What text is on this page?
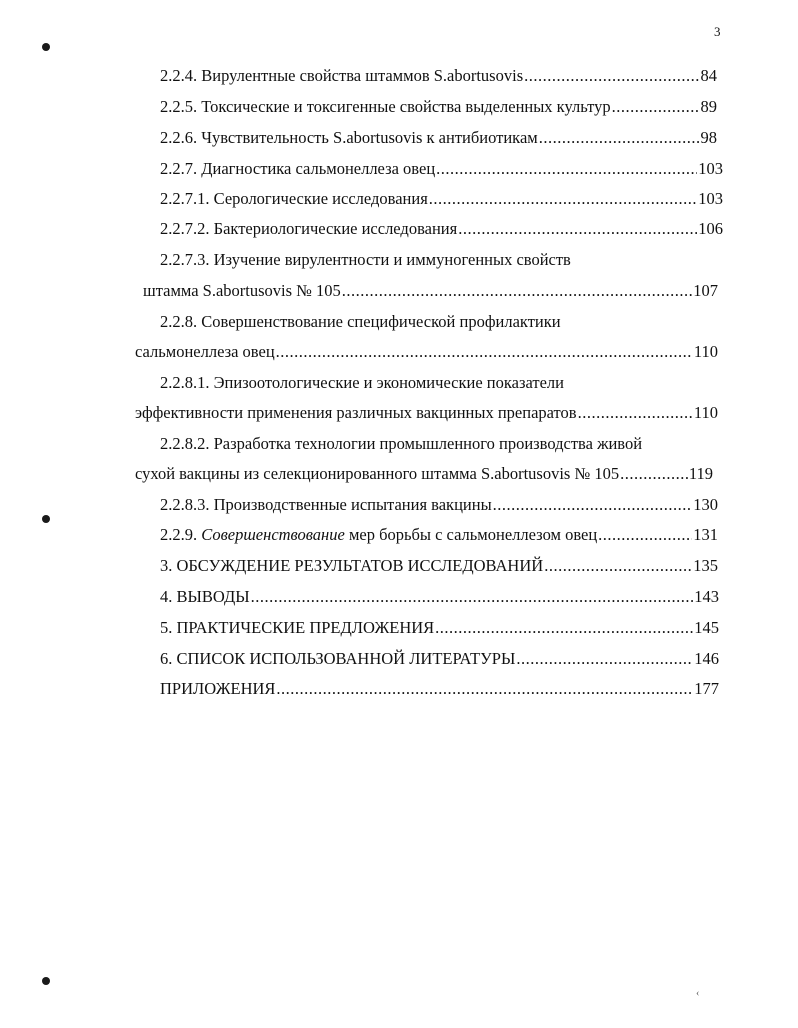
3
‹
2.2.4. Вирулентные свойства штаммов S.abortusovis .....	84
2.2.5. Токсические и токсигенные свойства выделенных культур .....	89
2.2.6. Чувствительность S.abortusovis к антибиотикам .....	98
2.2.7. Диагностика сальмонеллеза овец .....	103
2.2.7.1. Серологические исследования .....	103
2.2.7.2. Бактериологические исследования .....	106
2.2.7.3. Изучение вирулентности и иммуногенных свойств
штамма S.abortusovis № 105 .....	107
2.2.8. Совершенствование специфической профилактики
сальмонеллеза овец .....	110
2.2.8.1. Эпизоотологические и экономические показатели
эффективности применения различных вакцинных препаратов .....	110
2.2.8.2. Разработка технологии промышленного производства живой
сухой вакцины из селекционированного штамма S.abortusovis № 105 .....	119
2.2.8.3. Производственные испытания вакцины .....	130
2.2.9. Совершенствование мер борьбы с сальмонеллезом овец .....	131
3. ОБСУЖДЕНИЕ РЕЗУЛЬТАТОВ ИССЛЕДОВАНИЙ .....	135
4. ВЫВОДЫ .....	143
5. ПРАКТИЧЕСКИЕ ПРЕДЛОЖЕНИЯ .....	145
6. СПИСОК ИСПОЛЬЗОВАННОЙ ЛИТЕРАТУРЫ .....	146
ПРИЛОЖЕНИЯ .....	177
